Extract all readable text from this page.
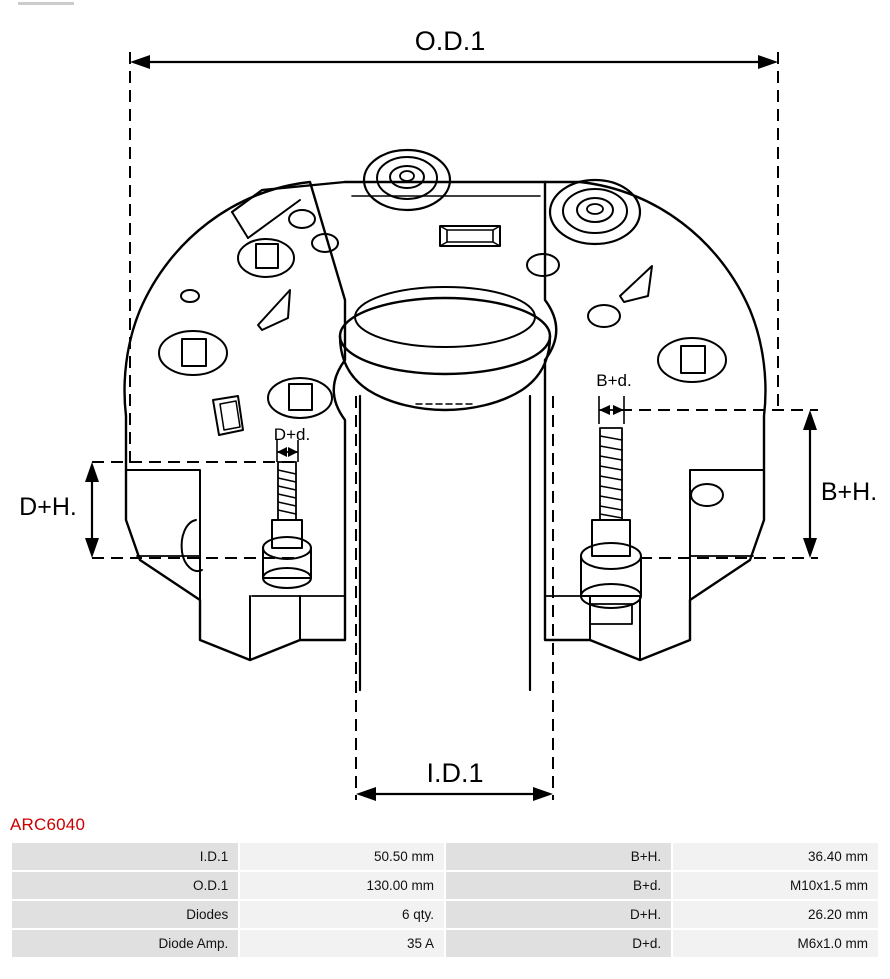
O.D.1
I.D.1
B+H.
D+H.
B+d.
D+d.
ARC6040
I.D.1	50.50 mm	B+H.	36.40 mm
O.D.1	130.00 mm	B+d.	M10x1.5 mm
Diodes	6 qty.	D+H.	26.20 mm
Diode Amp.	35 A	D+d.	M6x1.0 mm
